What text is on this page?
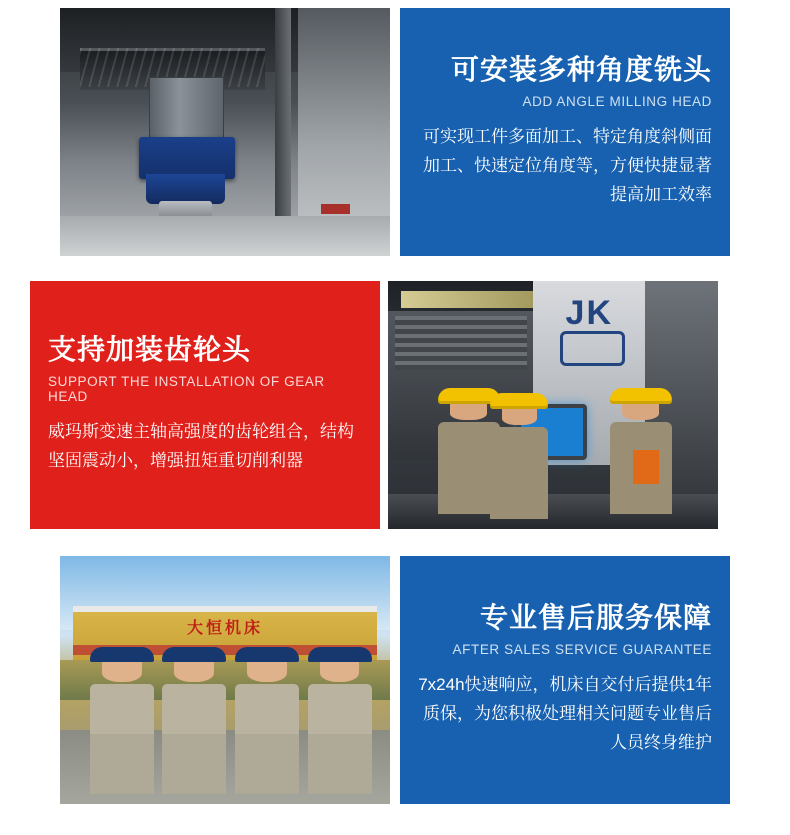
可安装多种角度铣头
ADD ANGLE MILLING HEAD

可实现工件多面加工、特定角度斜侧面加工、快速定位角度等，方便快捷显著提高加工效率

支持加装齿轮头
SUPPORT THE INSTALLATION OF GEAR HEAD

威玛斯变速主轴高强度的齿轮组合，结构坚固震动小，增强扭矩重切削利器

JK
大恒机床	专业售后服务保障
AFTER SALES SERVICE GUARANTEE

7x24h快速响应，机床自交付后提供1年质保，为您积极处理相关问题专业售后人员终身维护
